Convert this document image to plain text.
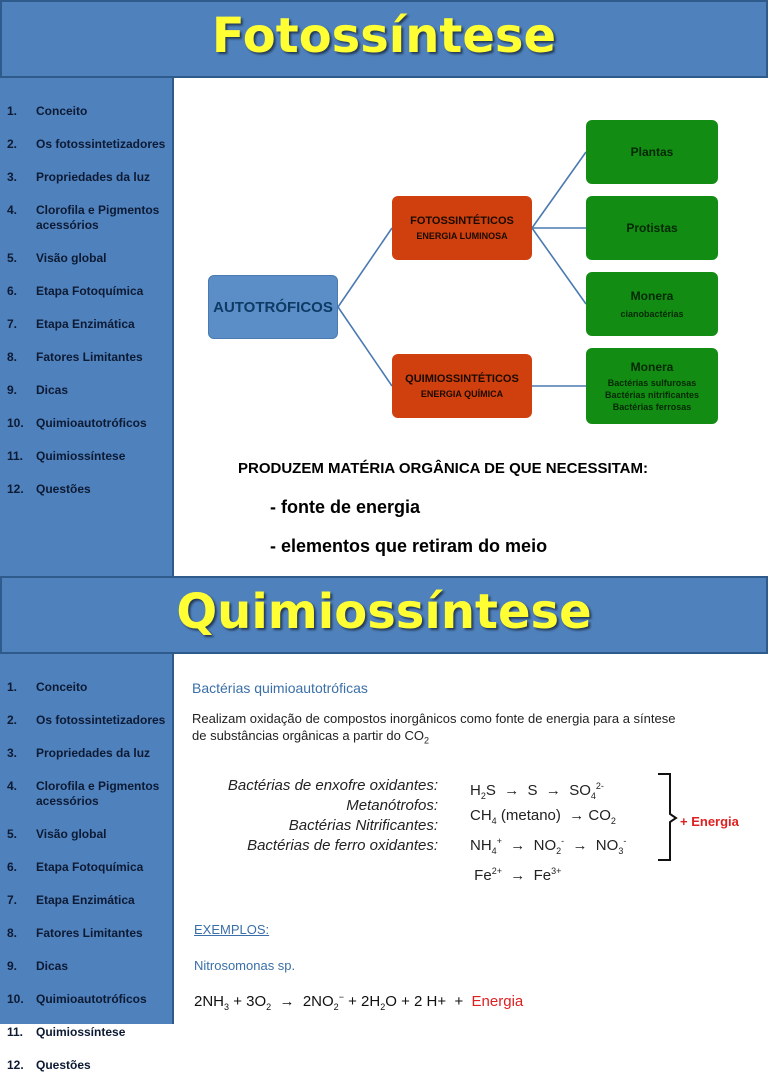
Fotossíntese
1. Conceito
2. Os fotossintetizadores
3. Propriedades da luz
4. Clorofila e Pigmentos acessórios
5. Visão global
6. Etapa Fotoquímica
7. Etapa Enzimática
8. Fatores Limitantes
9. Dicas
10. Quimioautotróficos
11. Quimiossíntese
12. Questões
AUTOTRÓFICOS
FOTOSSINTÉTICOS
ENERGIA LUMINOSA
QUIMIOSSINTÉTICOS
ENERGIA QUÍMICA
Plantas
Protistas
Monera
cianobactérias
Monera
Bactérias sulfurosas
Bactérias nitrificantes
Bactérias ferrosas
PRODUZEM MATÉRIA ORGÂNICA DE QUE NECESSITAM:
- fonte de energia
- elementos que retiram do meio
Quimiossíntese
1. Conceito
2. Os fotossintetizadores
3. Propriedades da luz
4. Clorofila e Pigmentos acessórios
5. Visão global
6. Etapa Fotoquímica
7. Etapa Enzimática
8. Fatores Limitantes
9. Dicas
10. Quimioautotróficos
11. Quimiossíntese
12. Questões
Bactérias quimioautotróficas
Realizam oxidação de compostos inorgânicos como fonte de energia para a síntese
de substâncias orgânicas a partir do $CO_2$
Bactérias de enxofre oxidantes:
Metanótrofos:
Bactérias Nitrificantes:
Bactérias de ferro oxidantes:
$H_2S \to S \to SO_4^{2-}$
$CH_4$ $(metano) \to CO_2$
$NH_4^+ \to NO_2^- \to NO_3^-$
$Fe^{2+} \to Fe^{3+}$
+ Energia
EXEMPLOS:
Nitrosomonas sp.
$2NH_3 + 3O_2 \to 2NO_2^- + 2H_2O + 2$ H+  +  Energia
